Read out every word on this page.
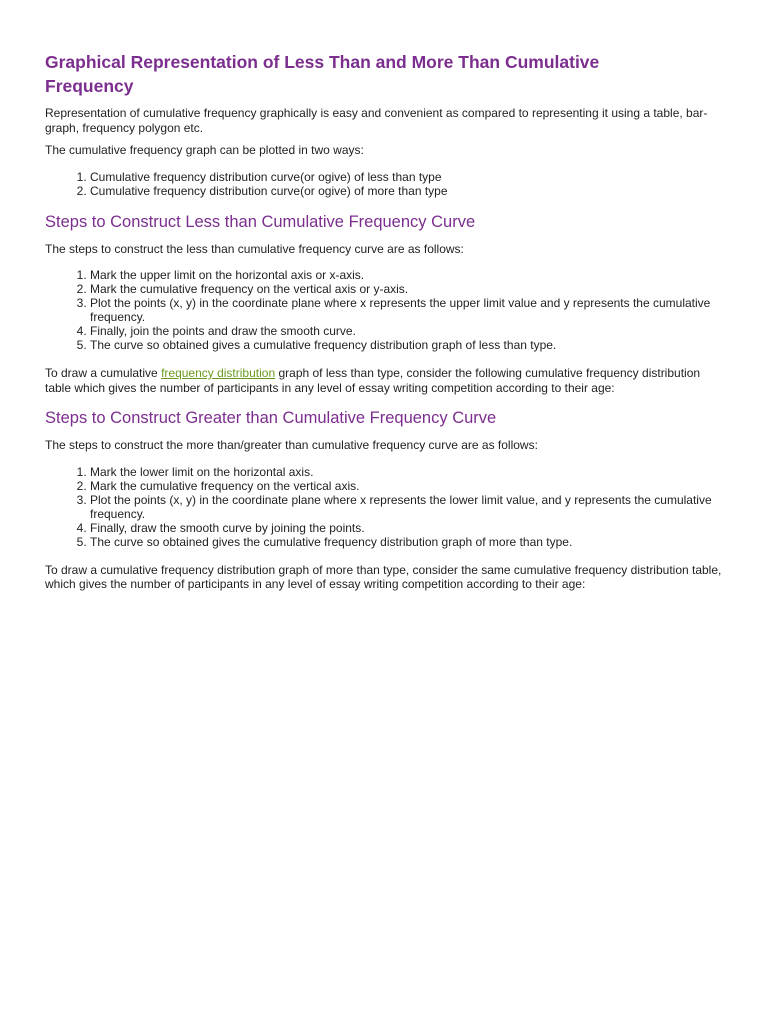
Graphical Representation of Less Than and More Than Cumulative Frequency

Representation of cumulative frequency graphically is easy and convenient as compared to representing it using a table, bar-graph, frequency polygon etc.

The cumulative frequency graph can be plotted in two ways:

1. Cumulative frequency distribution curve(or ogive) of less than type
2. Cumulative frequency distribution curve(or ogive) of more than type
Steps to Construct Less than Cumulative Frequency Curve

The steps to construct the less than cumulative frequency curve are as follows:

1. Mark the upper limit on the horizontal axis or x-axis.
2. Mark the cumulative frequency on the vertical axis or y-axis.
3. Plot the points (x, y) in the coordinate plane where x represents the upper limit value and y represents the cumulative frequency.
4. Finally, join the points and draw the smooth curve.
5. The curve so obtained gives a cumulative frequency distribution graph of less than type.

To draw a cumulative frequency distribution graph of less than type, consider the following cumulative frequency distribution table which gives the number of participants in any level of essay writing competition according to their age:

Steps to Construct Greater than Cumulative Frequency Curve

The steps to construct the more than/greater than cumulative frequency curve are as follows:

1. Mark the lower limit on the horizontal axis.
2. Mark the cumulative frequency on the vertical axis.
3. Plot the points (x, y) in the coordinate plane where x represents the lower limit value, and y represents the cumulative frequency.
4. Finally, draw the smooth curve by joining the points.
5. The curve so obtained gives the cumulative frequency distribution graph of more than type.

To draw a cumulative frequency distribution graph of more than type, consider the same cumulative frequency distribution table, which gives the number of participants in any level of essay writing competition according to their age:
